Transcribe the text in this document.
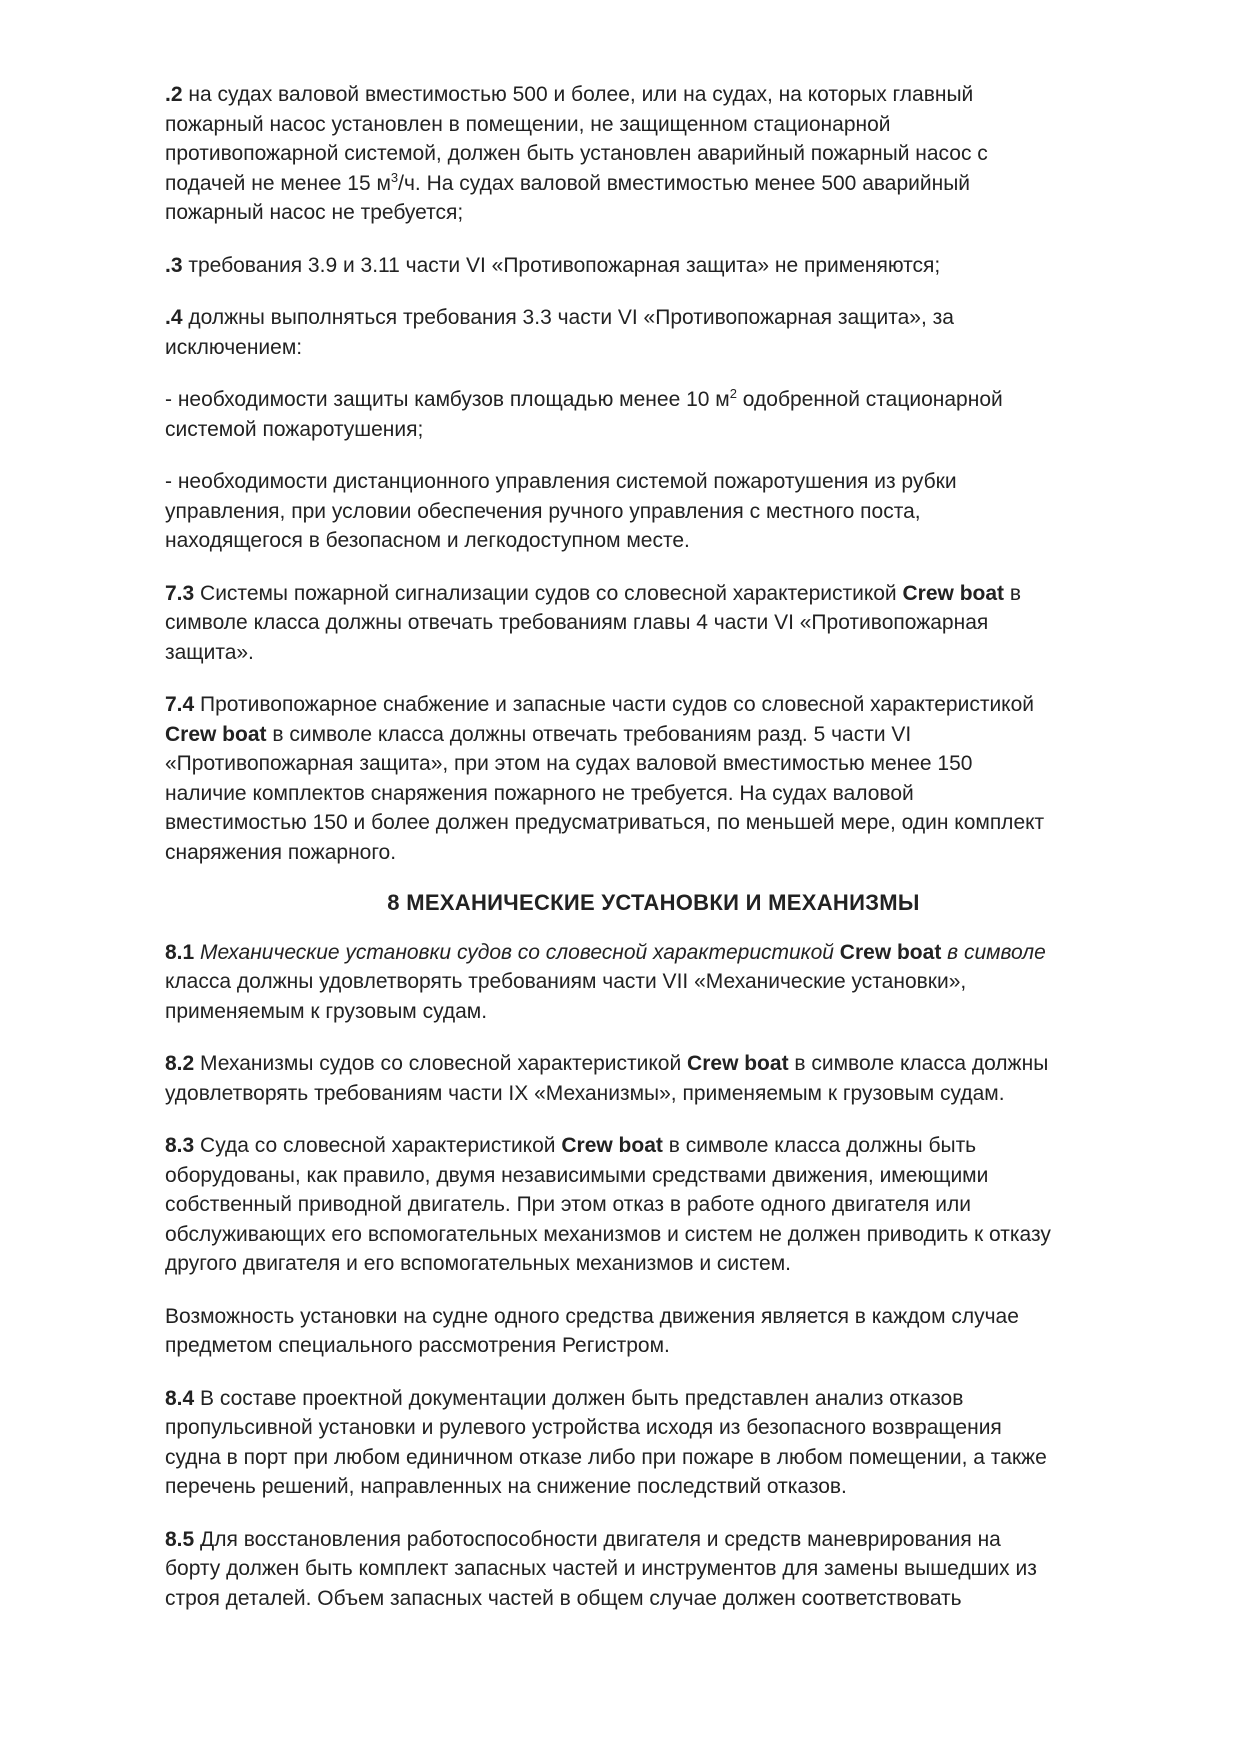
.2 на судах валовой вместимостью 500 и более, или на судах, на которых главный
пожарный насос установлен в помещении, не защищенном стационарной
противопожарной системой, должен быть установлен аварийный пожарный насос с
подачей не менее 15 $м^3/ч$. На судах валовой вместимостью менее 500 аварийный
пожарный насос не требуется;

.3 требования 3.9 и 3.11 части VI «Противопожарная защита» не применяются;

.4 должны выполняться требования 3.3 части VI «Противопожарная защита», за
исключением:

- необходимости защиты камбузов площадью менее 10 $м^2$ одобренной стационарной
системой пожаротушения;

- необходимости дистанционного управления системой пожаротушения из рубки
управления, при условии обеспечения ручного управления с местного поста,
находящегося в безопасном и легкодоступном месте.

7.3 Системы пожарной сигнализации судов со словесной характеристикой Crew boat в
символе класса должны отвечать требованиям главы 4 части VI «Противопожарная
защита».

7.4 Противопожарное снабжение и запасные части судов со словесной характеристикой
Crew boat в символе класса должны отвечать требованиям разд. 5 части VI
«Противопожарная защита», при этом на судах валовой вместимостью менее 150
наличие комплектов снаряжения пожарного не требуется. На судах валовой
вместимостью 150 и более должен предусматриваться, по меньшей мере, один комплект
снаряжения пожарного.

8 МЕХАНИЧЕСКИЕ УСТАНОВКИ И МЕХАНИЗМЫ

8.1 Механические установки судов со словесной характеристикой Crew boat в символе
класса должны удовлетворять требованиям части VII «Механические установки»,
применяемым к грузовым судам.

8.2 Механизмы судов со словесной характеристикой Crew boat в символе класса должны
удовлетворять требованиям части IX «Механизмы», применяемым к грузовым судам.

8.3 Суда со словесной характеристикой Crew boat в символе класса должны быть
оборудованы, как правило, двумя независимыми средствами движения, имеющими
собственный приводной двигатель. При этом отказ в работе одного двигателя или
обслуживающих его вспомогательных механизмов и систем не должен приводить к отказу
другого двигателя и его вспомогательных механизмов и систем.

Возможность установки на судне одного средства движения является в каждом случае
предметом специального рассмотрения Регистром.

8.4 В составе проектной документации должен быть представлен анализ отказов
пропульсивной установки и рулевого устройства исходя из безопасного возвращения
судна в порт при любом единичном отказе либо при пожаре в любом помещении, а также
перечень решений, направленных на снижение последствий отказов.

8.5 Для восстановления работоспособности двигателя и средств маневрирования на
борту должен быть комплект запасных частей и инструментов для замены вышедших из
строя деталей. Объем запасных частей в общем случае должен соответствовать
